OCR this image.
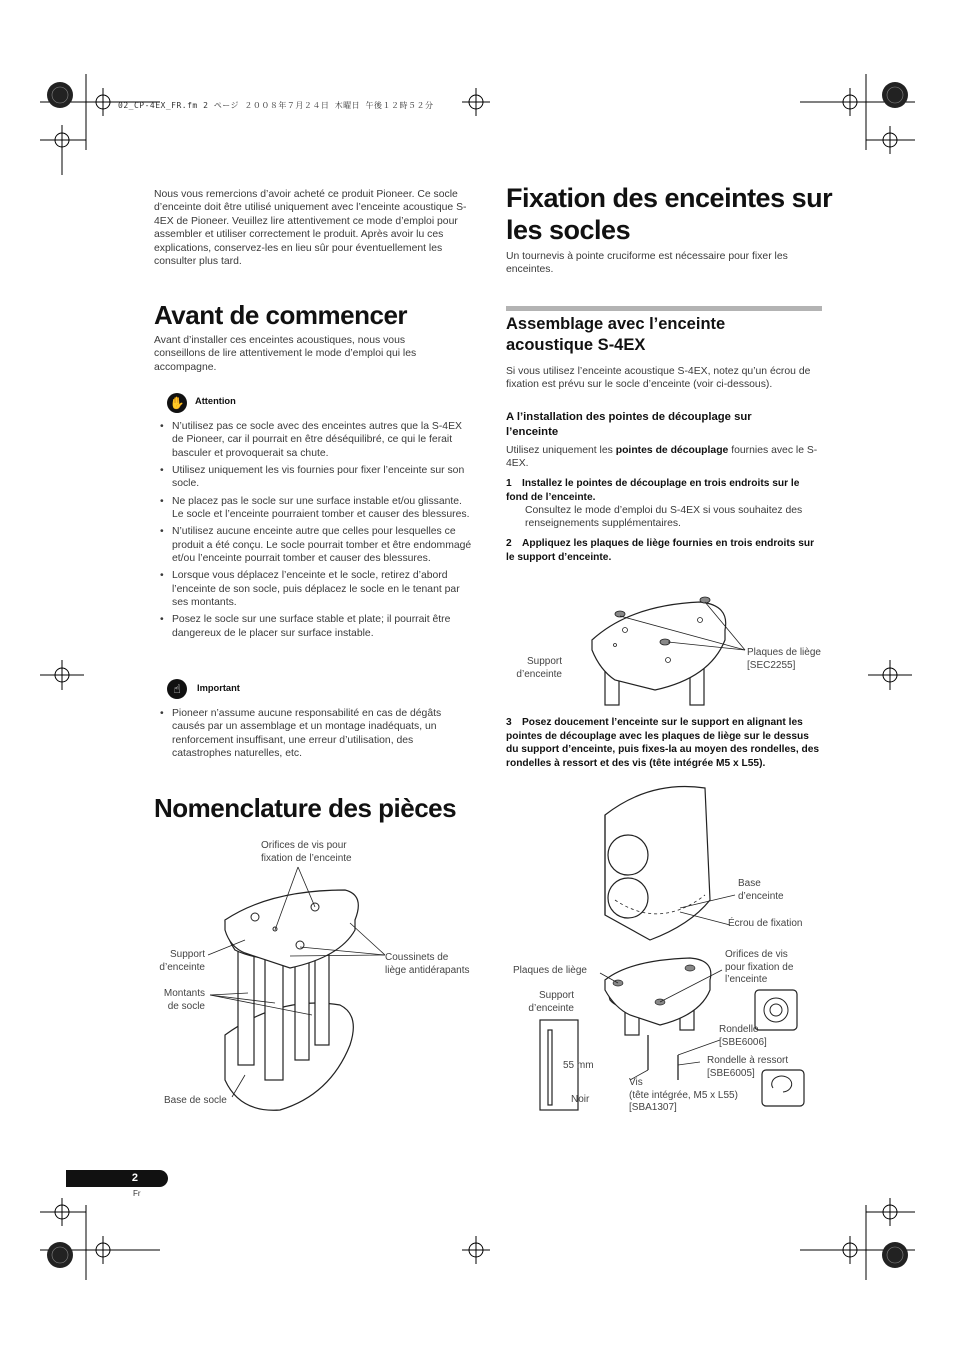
02_CP-4EX_FR.fm 2 ページ ２００８年７月２４日 木曜日 午後１２時５２分

Nous vous remercions d’avoir acheté ce produit Pioneer. Ce socle d’enceinte doit être utilisé uniquement avec l’enceinte acoustique S-4EX de Pioneer. Veuillez lire attentivement ce mode d’emploi pour assembler et utiliser correctement le produit. Après avoir lu ces explications, conservez-les en lieu sûr pour éventuellement les consulter plus tard.

Avant de commencer

Avant d’installer ces enceintes acoustiques, nous vous conseillons de lire attentivement le mode d’emploi qui les accompagne.

✋ Attention
• N’utilisez pas ce socle avec des enceintes autres que la S-4EX de Pioneer, car il pourrait en être déséquilibré, ce qui le ferait basculer et provoquerait sa chute.
• Utilisez uniquement les vis fournies pour fixer l’enceinte sur son socle.
• Ne placez pas le socle sur une surface instable et/ou glissante. Le socle et l’enceinte pourraient tomber et causer des blessures.
• N’utilisez aucune enceinte autre que celles pour lesquelles ce produit a été conçu. Le socle pourrait tomber et être endommagé et/ou l’enceinte pourrait tomber et causer des blessures.
• Lorsque vous déplacez l’enceinte et le socle, retirez d’abord l’enceinte de son socle, puis déplacez le socle en le tenant par ses montants.
• Posez le socle sur une surface stable et plate; il pourrait être dangereux de le placer sur surface instable.
☝	Important
• Pioneer n’assume aucune responsabilité en cas de dégâts causés par un assemblage et un montage inadéquats, un renforcement insuffisant, une erreur d’utilisation, des catastrophes naturelles, etc.
Nomenclature des pièces
Orifices de vis pour
fixation de l’enceinte
Support
d’enceinte
Coussinets de
liège antidérapants
Montants
de socle
Base de socle
Fixation des enceintes sur
les socles

Un tournevis à pointe cruciforme est nécessaire pour fixer les enceintes.

Assemblage avec l’enceinte acoustique S-4EX

Si vous utilisez l’enceinte acoustique S-4EX, notez qu’un écrou de fixation est prévu sur le socle d’enceinte (voir ci-dessous).

A l’installation des pointes de découplage sur l’enceinte

Utilisez uniquement les pointes de découplage fournies avec le S-4EX.

1 Installez le pointes de découplage en trois endroits sur le fond de l’enceinte.

Consultez le mode d’emploi du S-4EX si vous souhaitez des renseignements supplémentaires.

2 Appliquez les plaques de liège fournies en trois endroits sur le support d’enceinte.
Plaques de liège
[SEC2255]
Support
d’enceinte
3 Posez doucement l’enceinte sur le support en alignant les pointes de découplage avec les plaques de liège sur le dessus du support d’enceinte, puis fixes-la au moyen des rondelles, des rondelles à ressort et des vis (tête intégrée M5 x L55).
Base
d’enceinte
Écrou de fixation
Plaques de liège
Orifices de vis
pour fixation de
l’enceinte
Support
d’enceinte
Rondelle
[SBE6006]
Rondelle à ressort
[SBE6005]
55 mm
Noir
Vis
(tête intégrée, M5 x L55)
[SBA1307]
2
Fr
